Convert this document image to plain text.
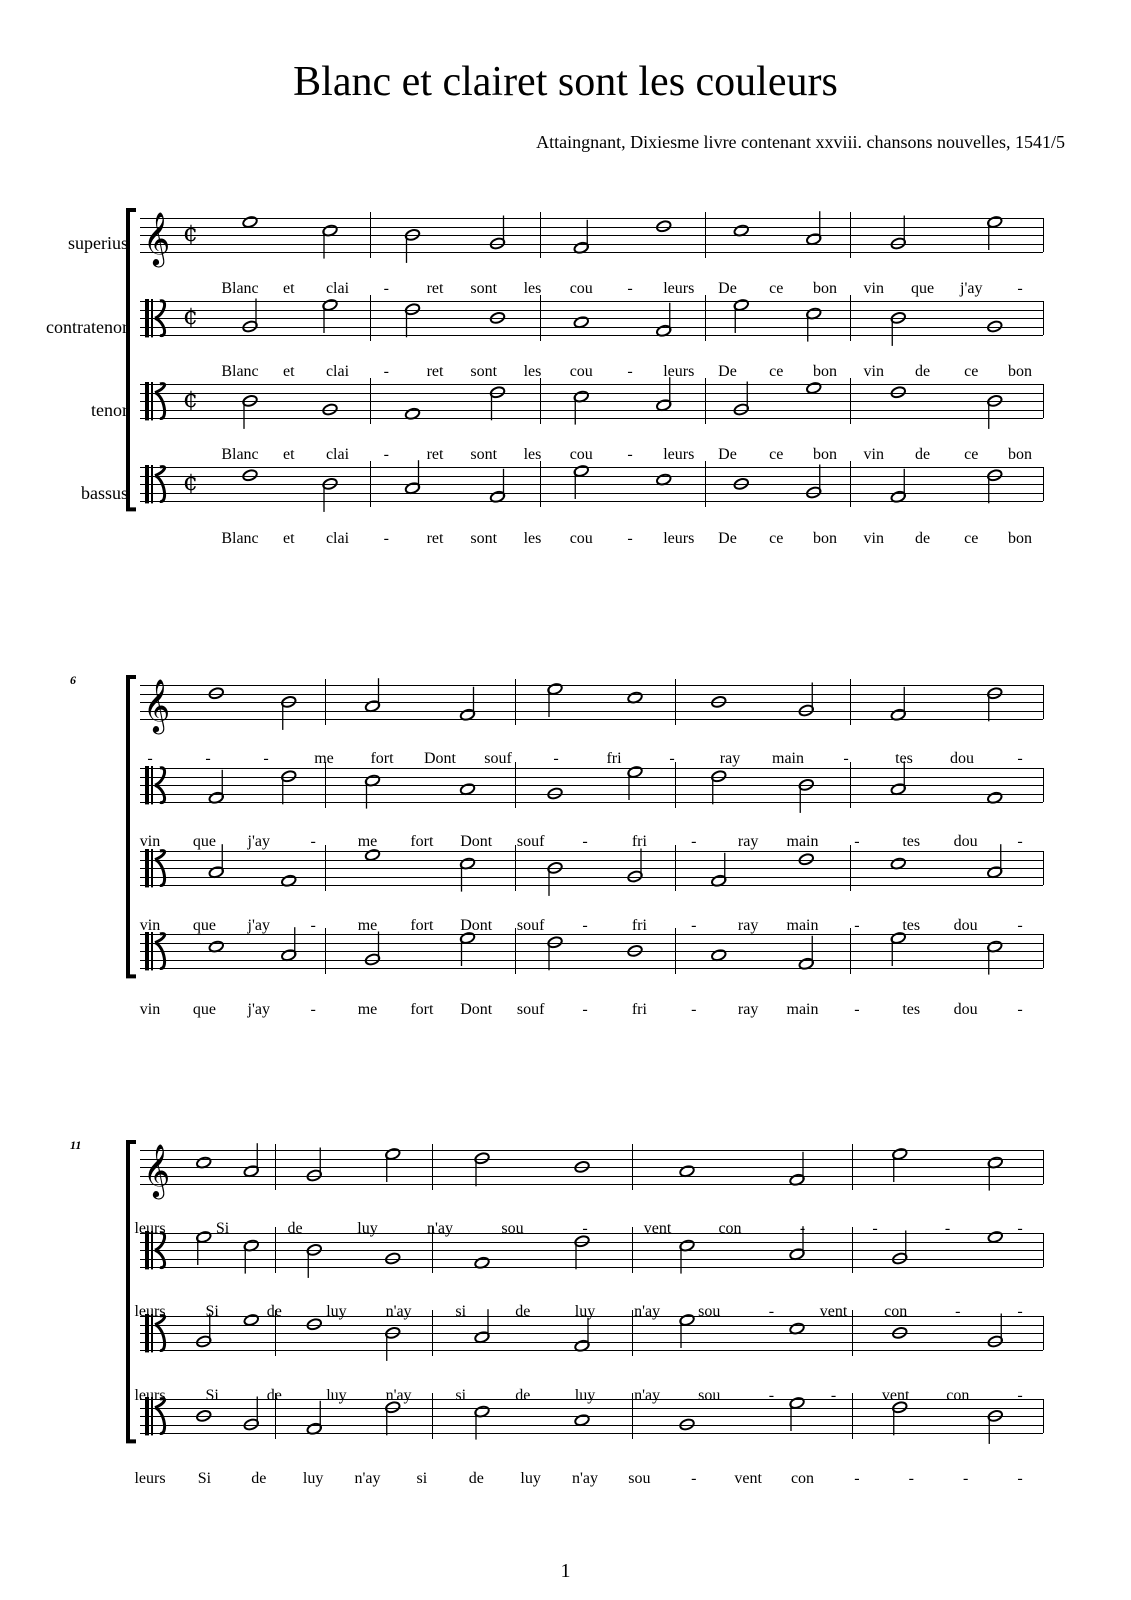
Blanc et clairet sont les couleurs
Attaingnant, Dixiesme livre contenant xxviii. chansons nouvelles, 1541/5
1
superius
contratenor
tenor
bassus
6
11
𝄞 ¢
¢
¢
¢
Blanc et clai - ret sont les cou - leurs De ce bon vin que j'ay -
Blanc et clai - ret sont les cou - leurs De ce bon vin de ce bon
Blanc et clai - ret sont les cou - leurs De ce bon vin de ce bon
Blanc et clai - ret sont les cou - leurs De ce bon vin de ce bon
𝄞
-	-	-	me fort Dont souf	-	fri	-	ray main -	tes dou	-
vin que j'ay	-	me fort Dont souf -	fri	-	ray main -	tes dou -
vin que j'ay	-	me fort Dont souf -	fri	-	ray main -	tes dou -
vin que j'ay	-	me fort Dont souf -	fri	-	ray main -	tes dou -
𝄞
leurs	Si	de	luy	n'ay	sou	-	vent	con	-	-	-	-
leurs Si	de	luy n'ay	si	de	luy n'ay sou	-	vent con	-	-
leurs Si	de	luy n'ay	si	de	luy n'ay sou	-	-	vent con	-
leurs Si	de luy n'ay si	de luy n'ay sou	- vent con	-	-	-	-
